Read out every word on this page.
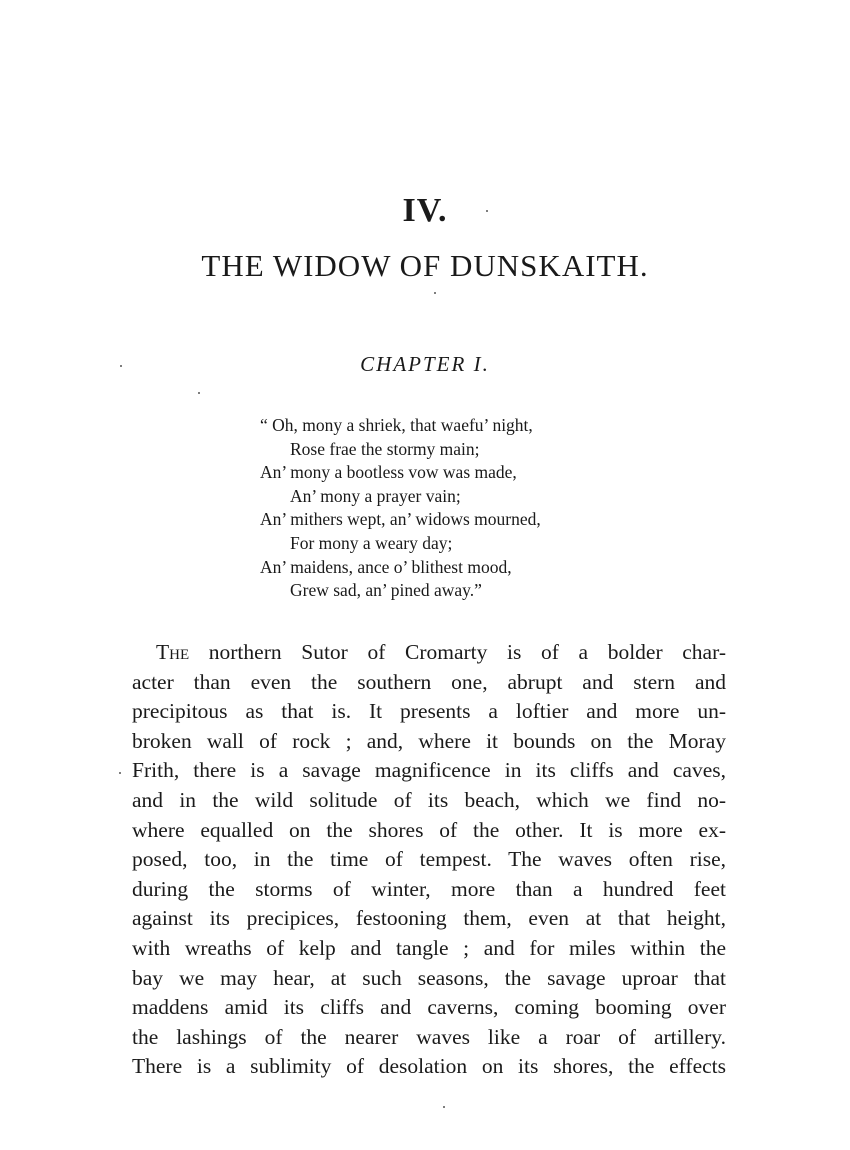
IV.
THE WIDOW OF DUNSKAITH.
CHAPTER I.
“ Oh, mony a shriek, that waefu’ night,
Rose frae the stormy main;
An’ mony a bootless vow was made,
An’ mony a prayer vain;
An’ mithers wept, an’ widows mourned,
For mony a weary day;
An’ maidens, ance o’ blithest mood,
Grew sad, an’ pined away.”
The northern Sutor of Cromarty is of a bolder char-
acter than even the southern one, abrupt and stern and
precipitous as that is. It presents a loftier and more un-
broken wall of rock ; and, where it bounds on the Moray
Frith, there is a savage magnificence in its cliffs and caves,
and in the wild solitude of its beach, which we find no-
where equalled on the shores of the other. It is more ex-
posed, too, in the time of tempest. The waves often rise,
during the storms of winter, more than a hundred feet
against its precipices, festooning them, even at that height,
with wreaths of kelp and tangle ; and for miles within the
bay we may hear, at such seasons, the savage uproar that
maddens amid its cliffs and caverns, coming booming over
the lashings of the nearer waves like a roar of artillery.
There is a sublimity of desolation on its shores, the effects
